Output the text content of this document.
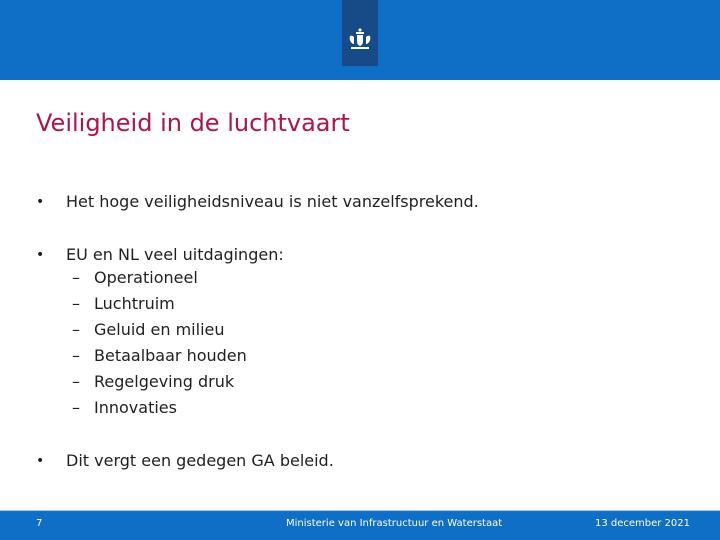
Veiligheid in de luchtvaart
• Het hoge veiligheidsniveau is niet vanzelfsprekend.
• EU en NL veel uitdagingen:
– Operationeel
– Luchtruim
– Geluid en milieu
– Betaalbaar houden
– Regelgeving druk
– Innovaties
• Dit vergt een gedegen GA beleid.
7	Ministerie van Infrastructuur en Waterstaat	13 december 2021
